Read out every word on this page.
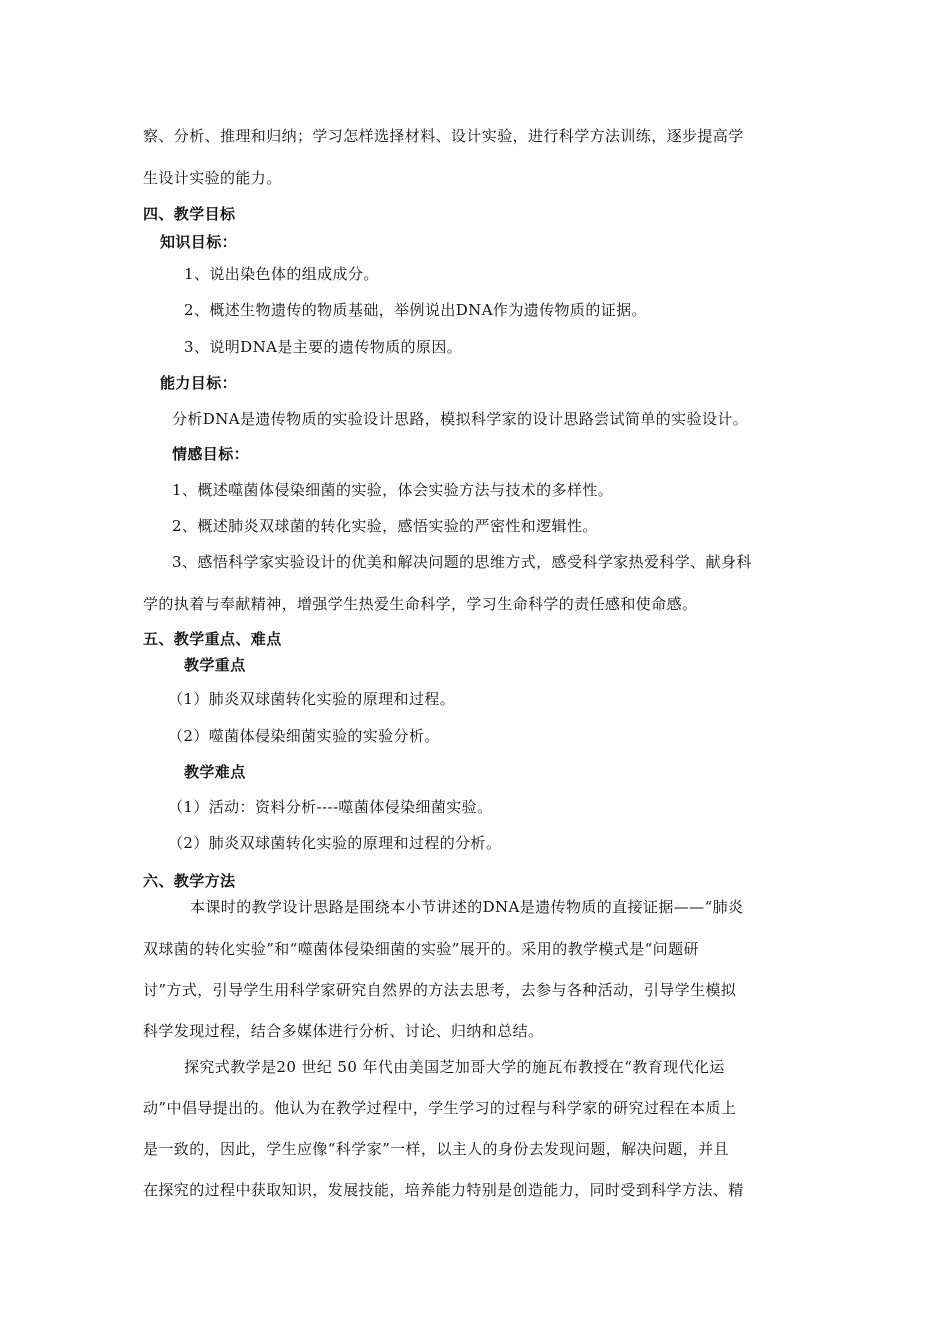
察、分析、推理和归纳；学习怎样选择材料、设计实验，进行科学方法训练，逐步提高学
生设计实验的能力。
四、教学目标
知识目标：
1、说出染色体的组成成分。
2、概述生物遗传的物质基础，举例说出DNA作为遗传物质的证据。
3、说明DNA是主要的遗传物质的原因。
能力目标：
分析DNA是遗传物质的实验设计思路，模拟科学家的设计思路尝试简单的实验设计。
情感目标：
1、概述噬菌体侵染细菌的实验，体会实验方法与技术的多样性。
2、概述肺炎双球菌的转化实验，感悟实验的严密性和逻辑性。
3、感悟科学家实验设计的优美和解决问题的思维方式，感受科学家热爱科学、献身科
学的执着与奉献精神，增强学生热爱生命科学，学习生命科学的责任感和使命感。
五、教学重点、难点
教学重点
（1）肺炎双球菌转化实验的原理和过程。
（2）噬菌体侵染细菌实验的实验分析。
教学难点
（1）活动：资料分析----噬菌体侵染细菌实验。
（2）肺炎双球菌转化实验的原理和过程的分析。
六、教学方法
本课时的教学设计思路是围绕本小节讲述的DNA是遗传物质的直接证据——“肺炎
双球菌的转化实验”和“噬菌体侵染细菌的实验”展开的。采用的教学模式是“问题研
讨”方式，引导学生用科学家研究自然界的方法去思考，去参与各种活动，引导学生模拟
科学发现过程，结合多媒体进行分析、讨论、归纳和总结。
探究式教学是20 世纪 50 年代由美国芝加哥大学的施瓦布教授在“教育现代化运
动”中倡导提出的。他认为在教学过程中，学生学习的过程与科学家的研究过程在本质上
是一致的，因此，学生应像“科学家”一样，以主人的身份去发现问题，解决问题，并且
在探究的过程中获取知识，发展技能，培养能力特别是创造能力，同时受到科学方法、精
